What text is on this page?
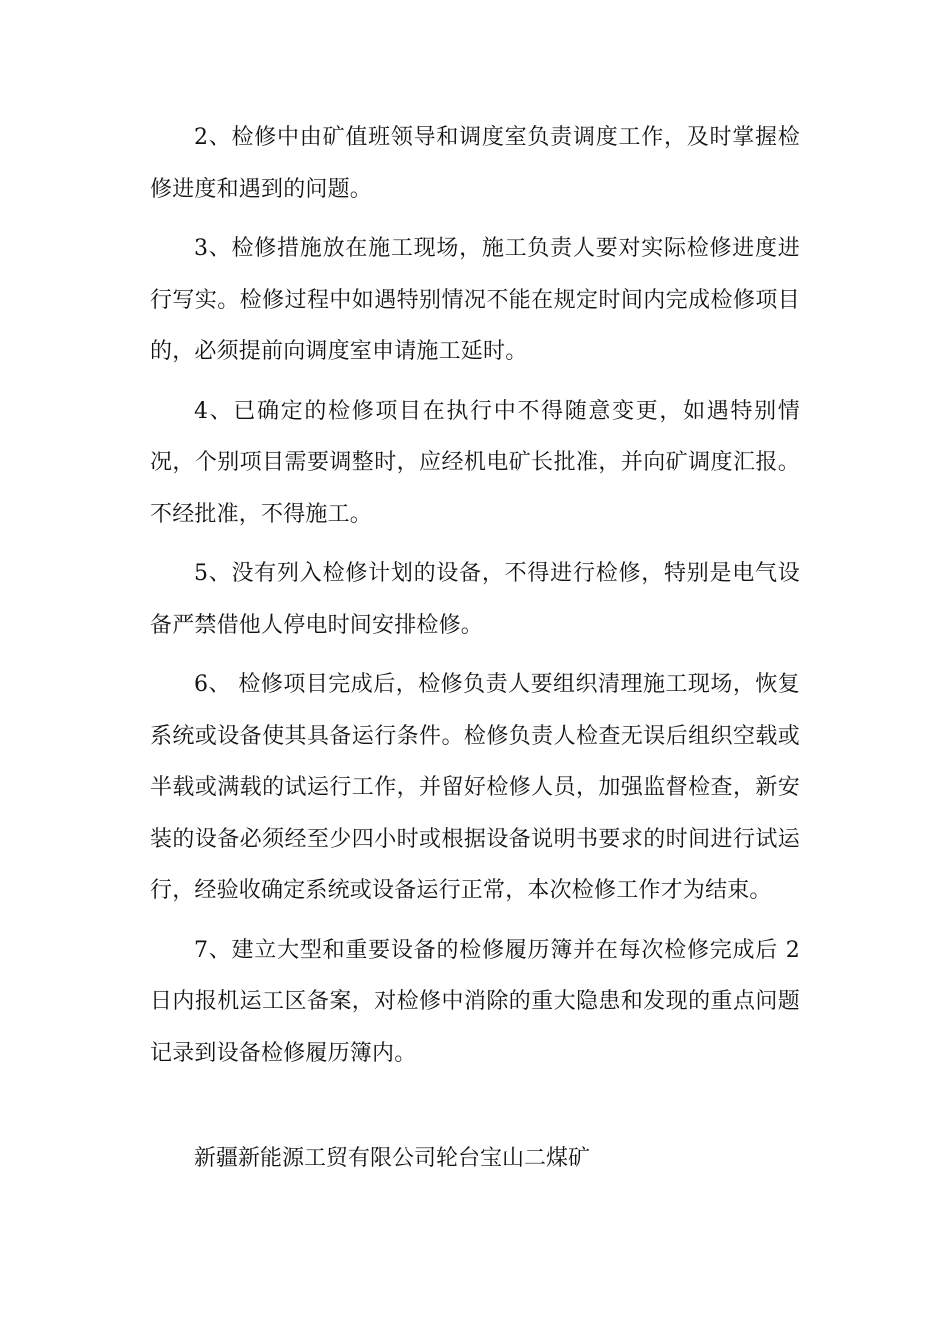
2、检修中由矿值班领导和调度室负责调度工作，及时掌握检修进度和遇到的问题。

3、检修措施放在施工现场，施工负责人要对实际检修进度进行写实。检修过程中如遇特别情况不能在规定时间内完成检修项目的，必须提前向调度室申请施工延时。

4、已确定的检修项目在执行中不得随意变更，如遇特别情况，个别项目需要调整时，应经机电矿长批准，并向矿调度汇报。不经批准，不得施工。

5、没有列入检修计划的设备，不得进行检修，特别是电气设备严禁借他人停电时间安排检修。

6、 检修项目完成后，检修负责人要组织清理施工现场，恢复系统或设备使其具备运行条件。检修负责人检查无误后组织空载或半载或满载的试运行工作，并留好检修人员，加强监督检查，新安装的设备必须经至少四小时或根据设备说明书要求的时间进行试运行，经验收确定系统或设备运行正常，本次检修工作才为结束。

7、建立大型和重要设备的检修履历簿并在每次检修完成后 2 日内报机运工区备案，对检修中消除的重大隐患和发现的重点问题记录到设备检修履历簿内。

新疆新能源工贸有限公司轮台宝山二煤矿
